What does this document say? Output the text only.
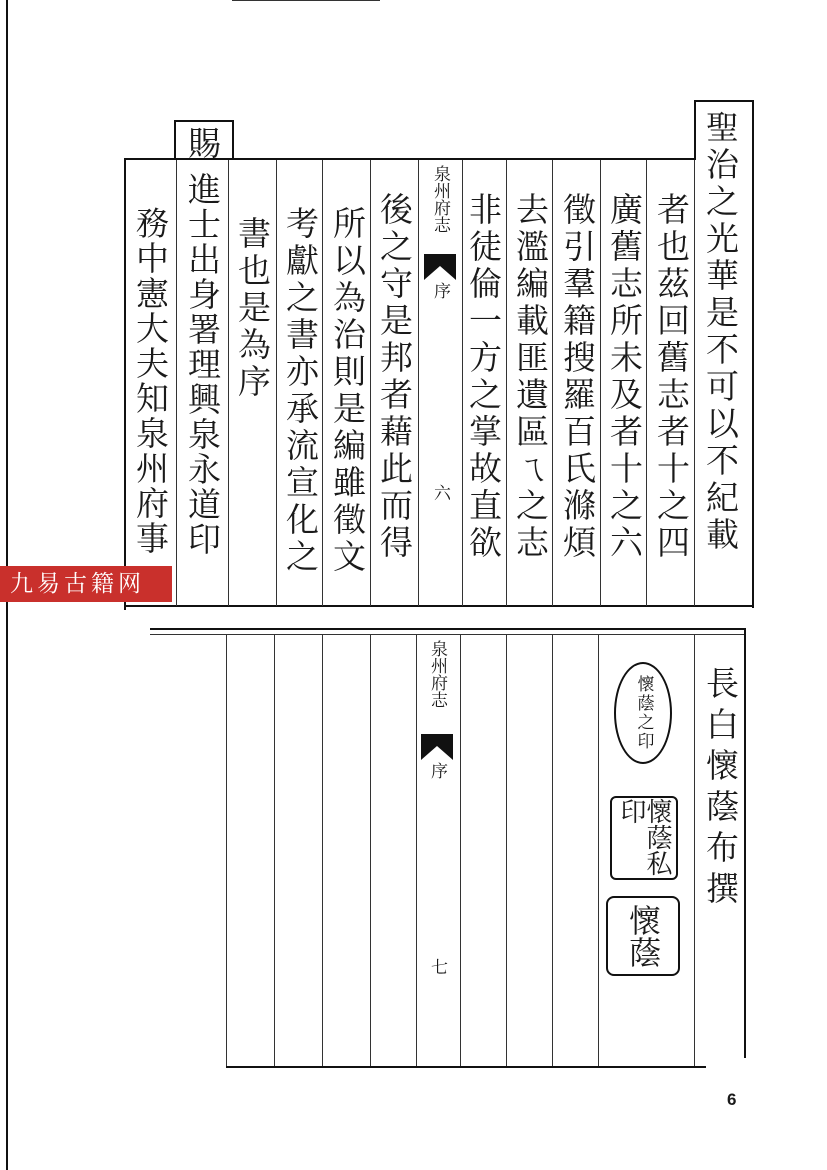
聖治之光華是不可以不紀載
者也茲回舊志者十之四
廣舊志所未及者十之六
徵引羣籍搜羅百氏滌煩
去濫編載匪遺區ㄟ之志
非徒倫一方之掌故直欲
後之守是邦者藉此而得
所以為治則是編雖徵文
考獻之書亦承流宣化之
書也是為序
賜
進士出身署理興泉永道印
務中憲大夫知泉州府事
泉州府志
序
六
九易古籍网
長白懷蔭布撰
懷蔭之印
懷蔭私印
懷蔭
泉州府志
序
七
6
